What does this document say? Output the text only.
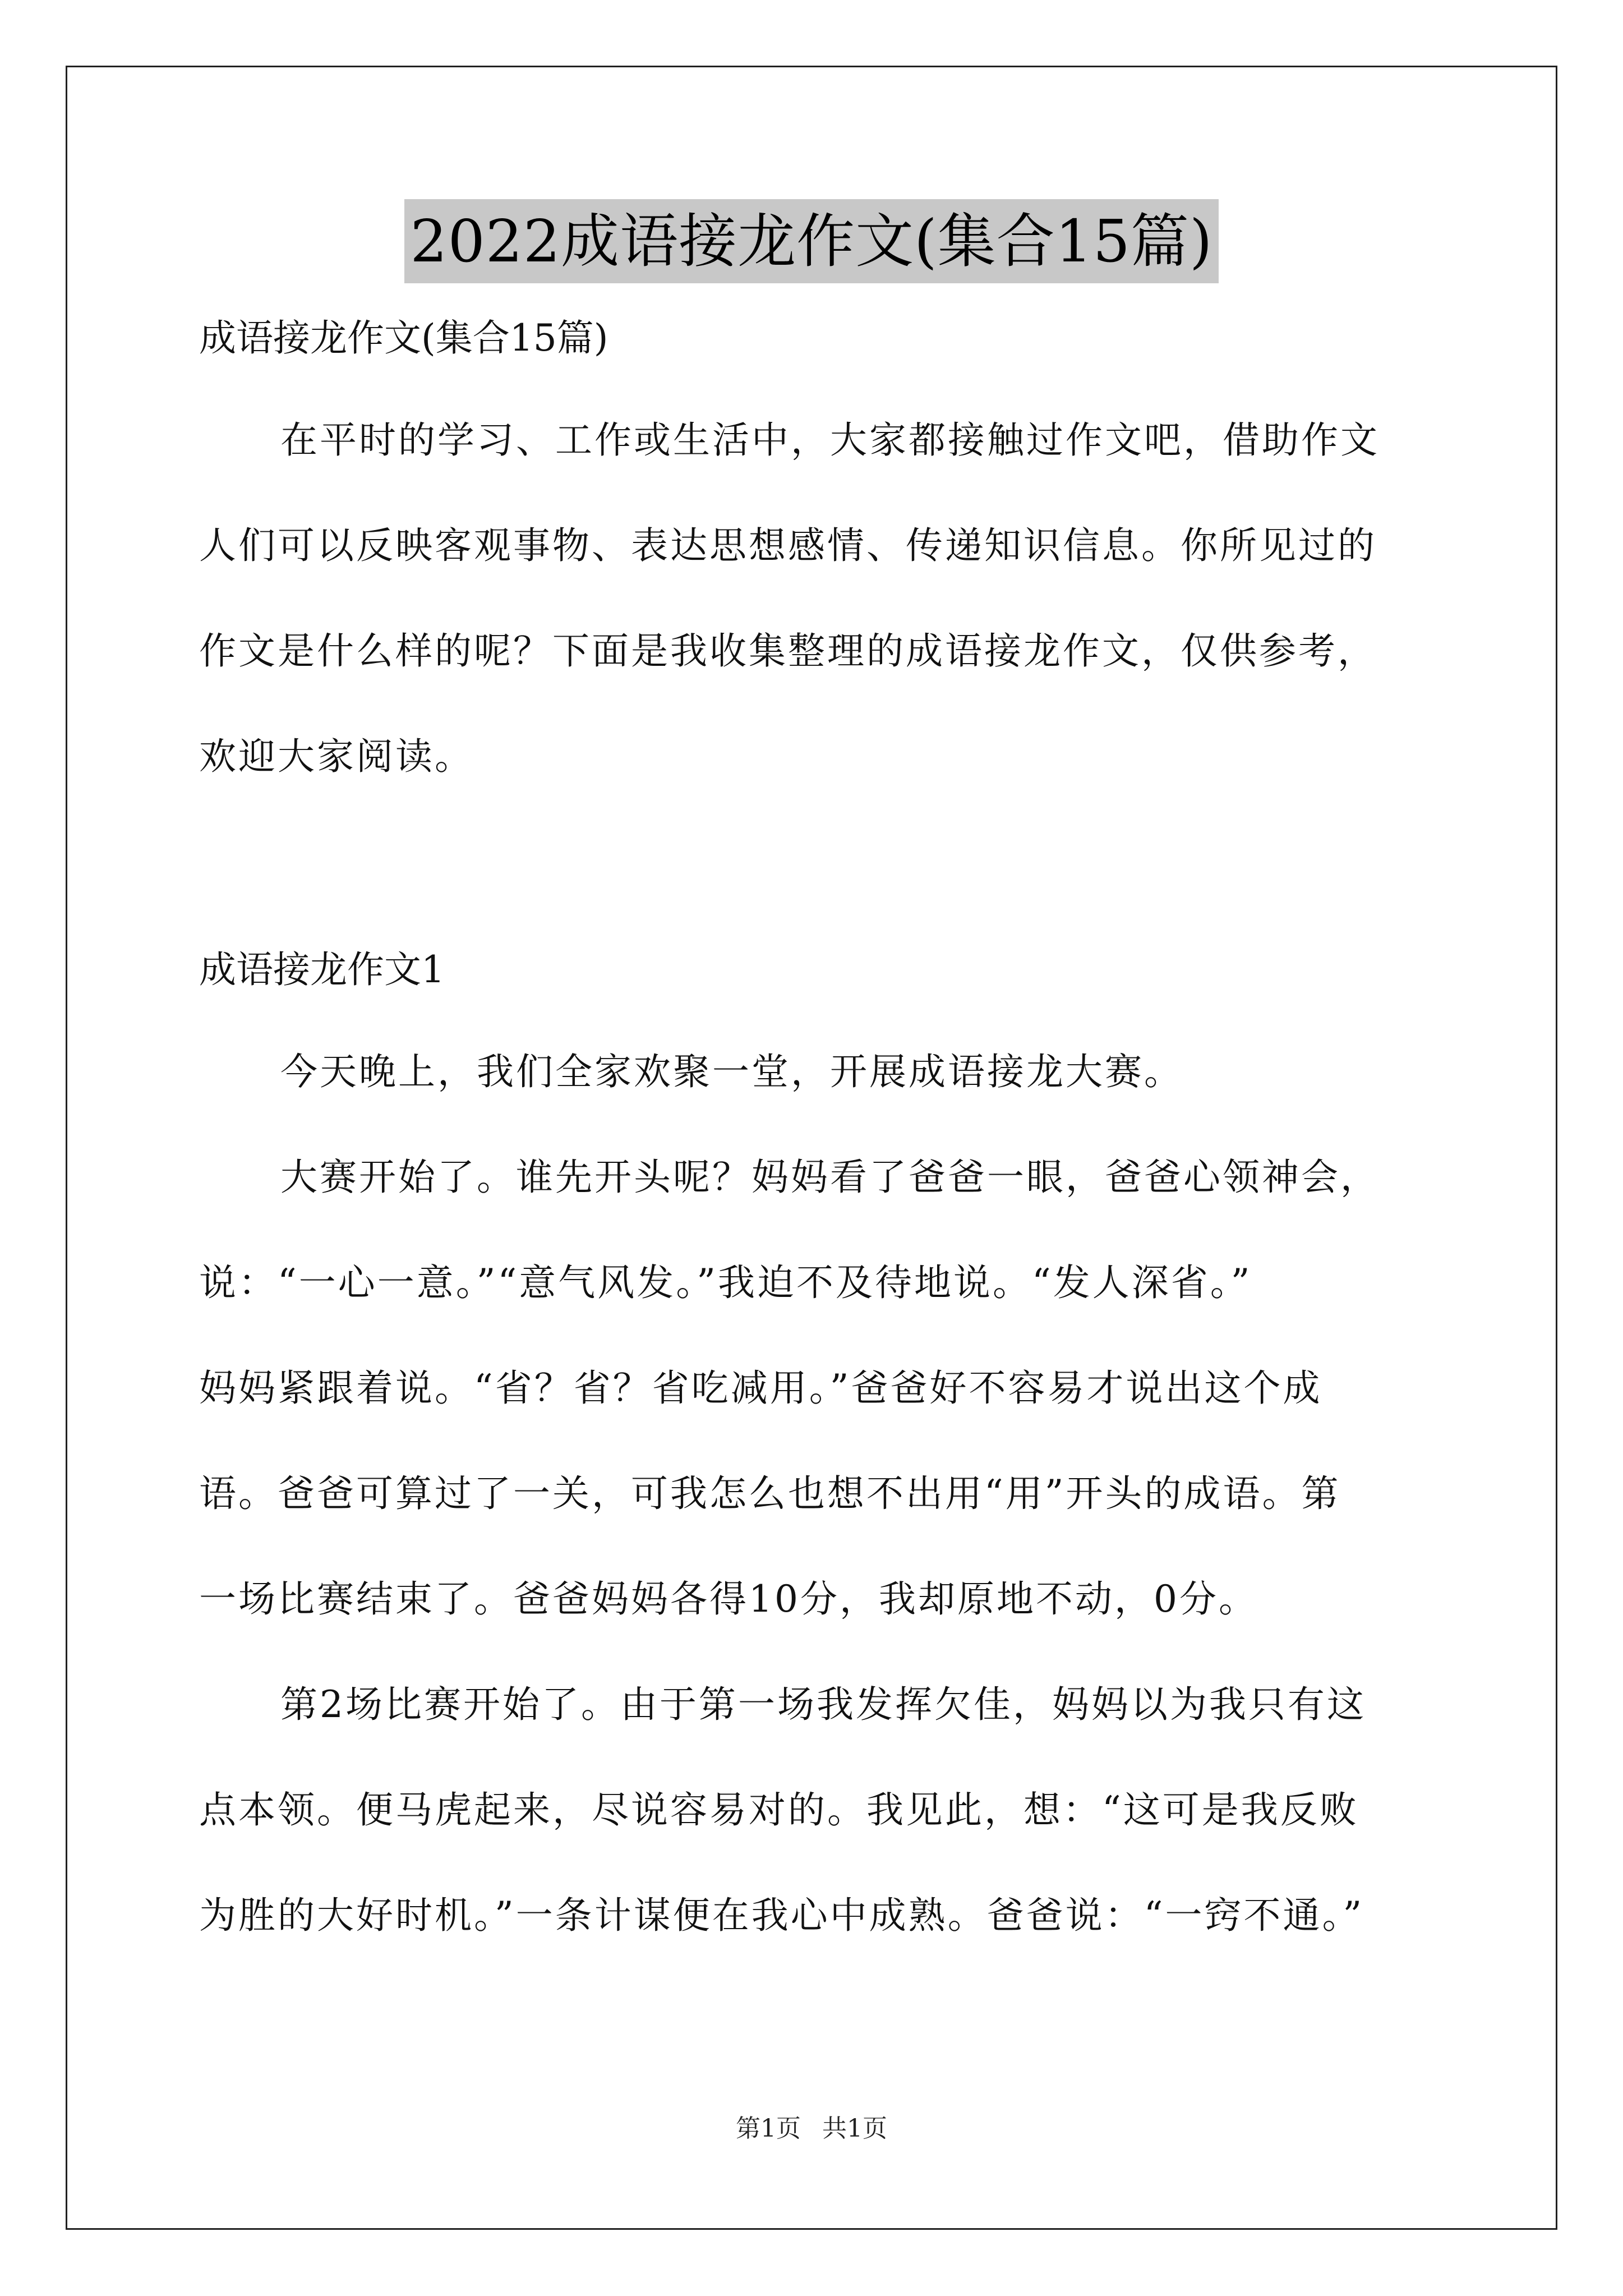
2022成语接龙作文(集合15篇)
成语接龙作文(集合15篇)
在平时的学习、工作或生活中，大家都接触过作文吧，借助作文
人们可以反映客观事物、表达思想感情、传递知识信息。你所见过的
作文是什么样的呢？下面是我收集整理的成语接龙作文，仅供参考，
欢迎大家阅读。
成语接龙作文1
今天晚上，我们全家欢聚一堂，开展成语接龙大赛。
大赛开始了。谁先开头呢？妈妈看了爸爸一眼，爸爸心领神会，
说：“一心一意。”“意气风发。”我迫不及待地说。“发人深省。”
妈妈紧跟着说。“省？省？省吃减用。”爸爸好不容易才说出这个成
语。爸爸可算过了一关，可我怎么也想不出用“用”开头的成语。第
一场比赛结束了。爸爸妈妈各得10分，我却原地不动，0分。
第2场比赛开始了。由于第一场我发挥欠佳，妈妈以为我只有这
点本领。便马虎起来，尽说容易对的。我见此，想：“这可是我反败
为胜的大好时机。”一条计谋便在我心中成熟。爸爸说：“一窍不通。”
第1页 共1页
